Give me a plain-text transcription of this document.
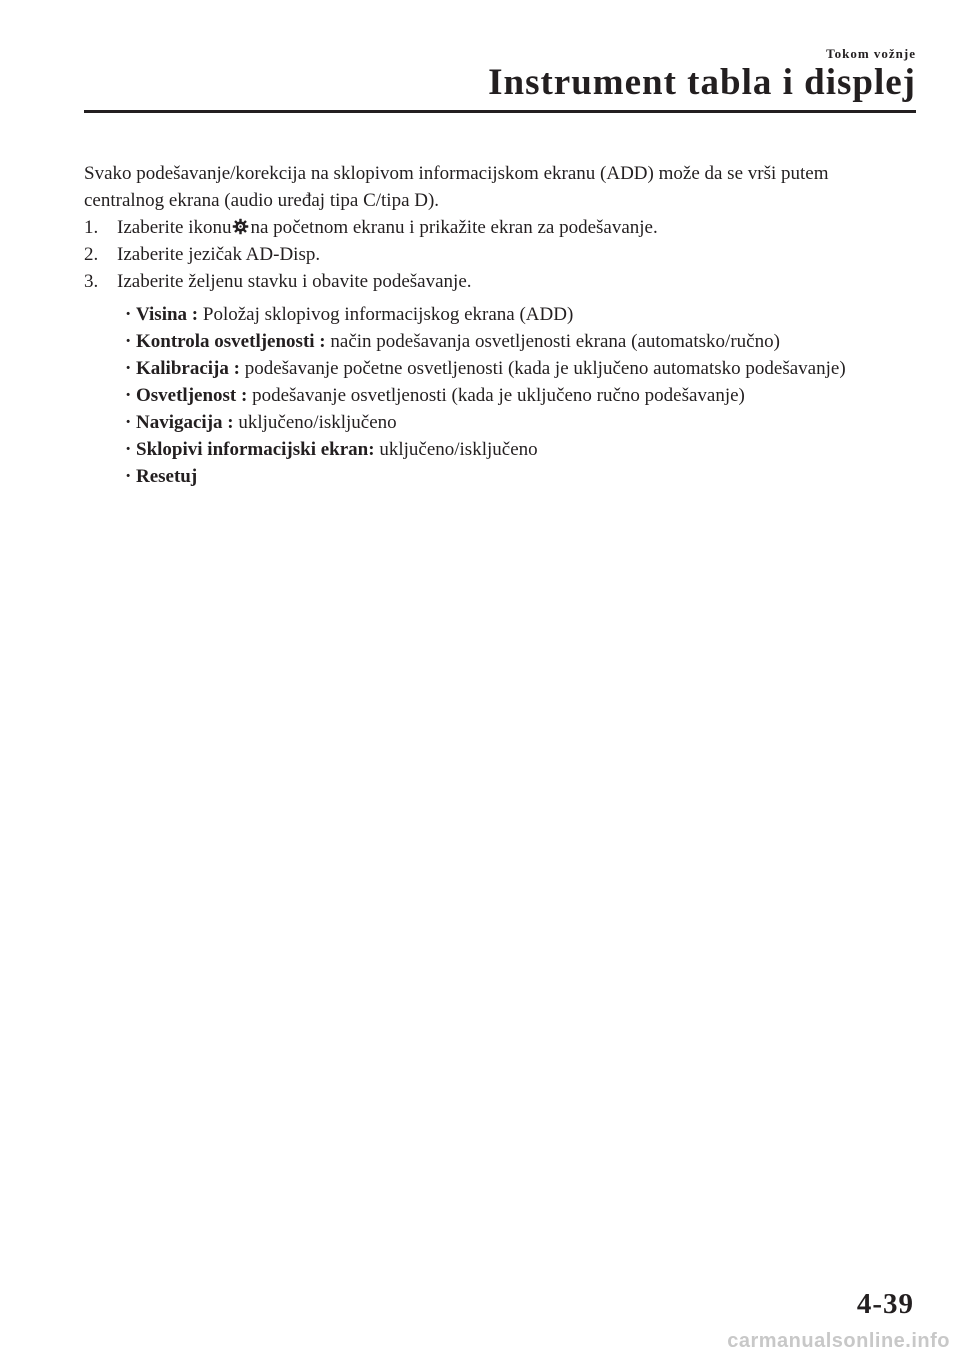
Tokom vožnje
Instrument tabla i displej

Svako podešavanje/korekcija na sklopivom informacijskom ekranu (ADD) može da se vrši putem centralnog ekrana (audio uređaj tipa C/tipa D).

1. Izaberite ikonu na početnom ekranu i prikažite ekran za podešavanje.
2. Izaberite jezičak AD-Disp.
3. Izaberite željenu stavku i obavite podešavanje.
· Visina : Položaj sklopivog informacijskog ekrana (ADD)
· Kontrola osvetljenosti : način podešavanja osvetljenosti ekrana (automatsko/ručno)
· Kalibracija : podešavanje početne osvetljenosti (kada je uključeno automatsko podešavanje)
· Osvetljenost : podešavanje osvetljenosti (kada je uključeno ručno podešavanje)
· Navigacija : uključeno/isključeno
· Sklopivi informacijski ekran: uključeno/isključeno
· Resetuj
4-39
carmanualsonline.info
